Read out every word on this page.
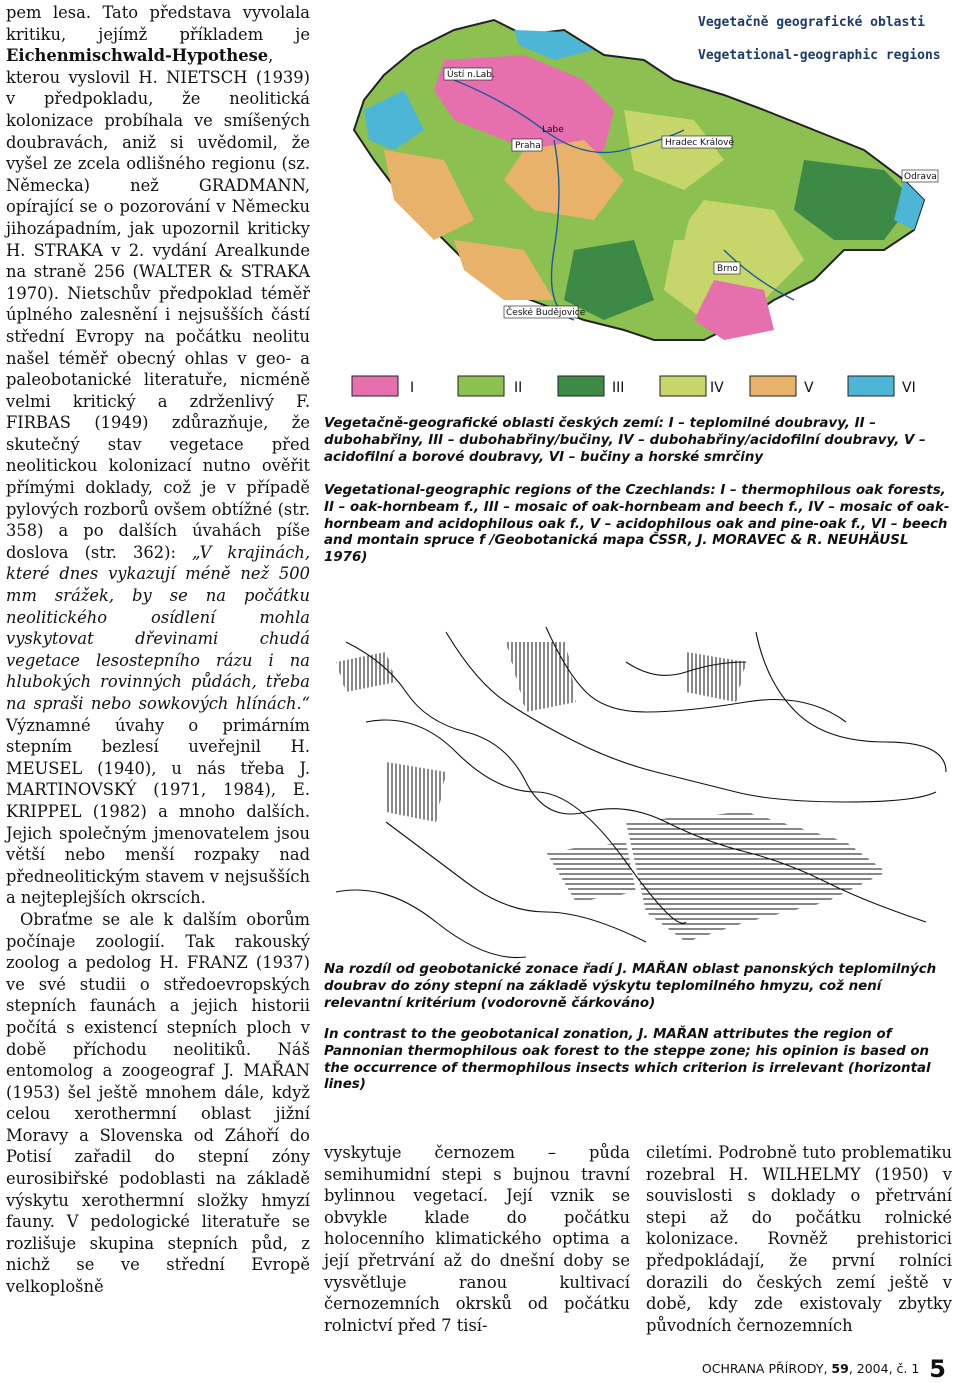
pem lesa. Tato představa vyvolala kritiku, jejímž příkladem je Eichenmischwald-Hypothese, kterou vyslovil H. NIETSCH (1939) v předpokladu, že neolitická kolonizace probíhala ve smíšených doubravách, aniž si uvědomil, že vyšel ze zcela odlišného regionu (sz. Německa) než GRADMANN, opírající se o pozorování v Německu jihozápadním, jak upozornil kriticky H. STRAKA v 2. vydání Arealkunde na straně 256 (WALTER & STRAKA 1970). Nietschův předpoklad téměř úplného zalesnění i nejsušších částí střední Evropy na počátku neolitu našel téměř obecný ohlas v geo- a paleobotanické literatuře, nicméně velmi kritický a zdrženlivý F. FIRBAS (1949) zdůrazňuje, že skutečný stav vegetace před neolitickou kolonizací nutno ověřit přímými doklady, což je v případě pylových rozborů ovšem obtížné (str. 358) a po dalších úvahách píše doslova (str. 362): „V krajinách, které dnes vykazují méně než 500 mm srážek, by se na počátku neolitického osídlení mohla vyskytovat dřevinami chudá vegetace lesostepního rázu i na hlubokých rovinných půdách, třeba na spraši nebo sowkových hlínách.“ Významné úvahy o primárním stepním bezlesí uveřejnil H. MEUSEL (1940), u nás třeba J. MARTINOVSKÝ (1971, 1984), E. KRIPPEL (1982) a mnoho dalších. Jejich společným jmenovatelem jsou větší nebo menší rozpaky nad předneolitickým stavem v nejsušších a nejteplejších okrscích.

Obraťme se ale k dalším oborům počínaje zoologií. Tak rakouský zoolog a pedolog H. FRANZ (1937) ve své studii o středoevropských stepních faunách a jejich historii počítá s existencí stepních ploch v době příchodu neolitiků. Náš entomolog a zoogeograf J. MAŘAN (1953) šel ještě mnohem dále, když celou xerothermní oblast jižní Moravy a Slovenska od Záhoří do Potisí zařadil do stepní zóny eurosibiřské podoblasti na základě výskytu xerothermní složky hmyzí fauny. V pedologické literatuře se rozlišuje skupina stepních půd, z nichž se ve střední Evropě velkoplošně

Ústí n.Lab.
Labe
Hradec Králové
Praha
Odrava
Brno
České Budějovice
I	II	III	IV	V	VI
Vegetačně geografické oblasti
Vegetational-geographic regions
Vegetačně-geografické oblasti českých zemí: I – teplomilné doubravy, II – dubohabřiny, III – dubohabřiny/bučiny, IV – dubohabřiny/acidofilní doubravy, V – acidofilní a borové doubravy, VI – bučiny a horské smrčiny
Vegetational-geographic regions of the Czechlands: I – thermophilous oak forests, II – oak-hornbeam f., III – mosaic of oak-hornbeam and beech f., IV – mosaic of oak-hornbeam and acidophilous oak f., V – acidophilous oak and pine-oak f., VI – beech and montain spruce f /Geobotanická mapa ČSSR, J. MORAVEC & R. NEUHÄUSL 1976)
Na rozdíl od geobotanické zonace řadí J. MAŘAN oblast panonských teplomilných doubrav do zóny stepní na základě výskytu teplomilného hmyzu, což není relevantní kritérium (vodorovně čárkováno)
In contrast to the geobotanical zonation, J. MAŘAN attributes the region of Pannonian thermophilous oak forest to the steppe zone; his opinion is based on the occurrence of thermophilous insects which criterion is irrelevant (horizontal lines)

vyskytuje černozem – půda semihumidní stepi s bujnou travní bylinnou vegetací. Její vznik se obvykle klade do počátku holocenního klimatického optima a její přetrvání až do dnešní doby se vysvětluje ranou kultivací černozemních okrsků od počátku rolnictví před 7 tisí-

ciletími. Podrobně tuto problematiku rozebral H. WILHELMY (1950) v souvislosti s doklady o přetrvání stepi až do počátku rolnické kolonizace. Rovněž prehistorici předpokládají, že první rolníci dorazili do českých zemí ještě v době, kdy zde existovaly zbytky původních černozemních

OCHRANA PŘÍRODY, 59, 2004, č. 1 5
